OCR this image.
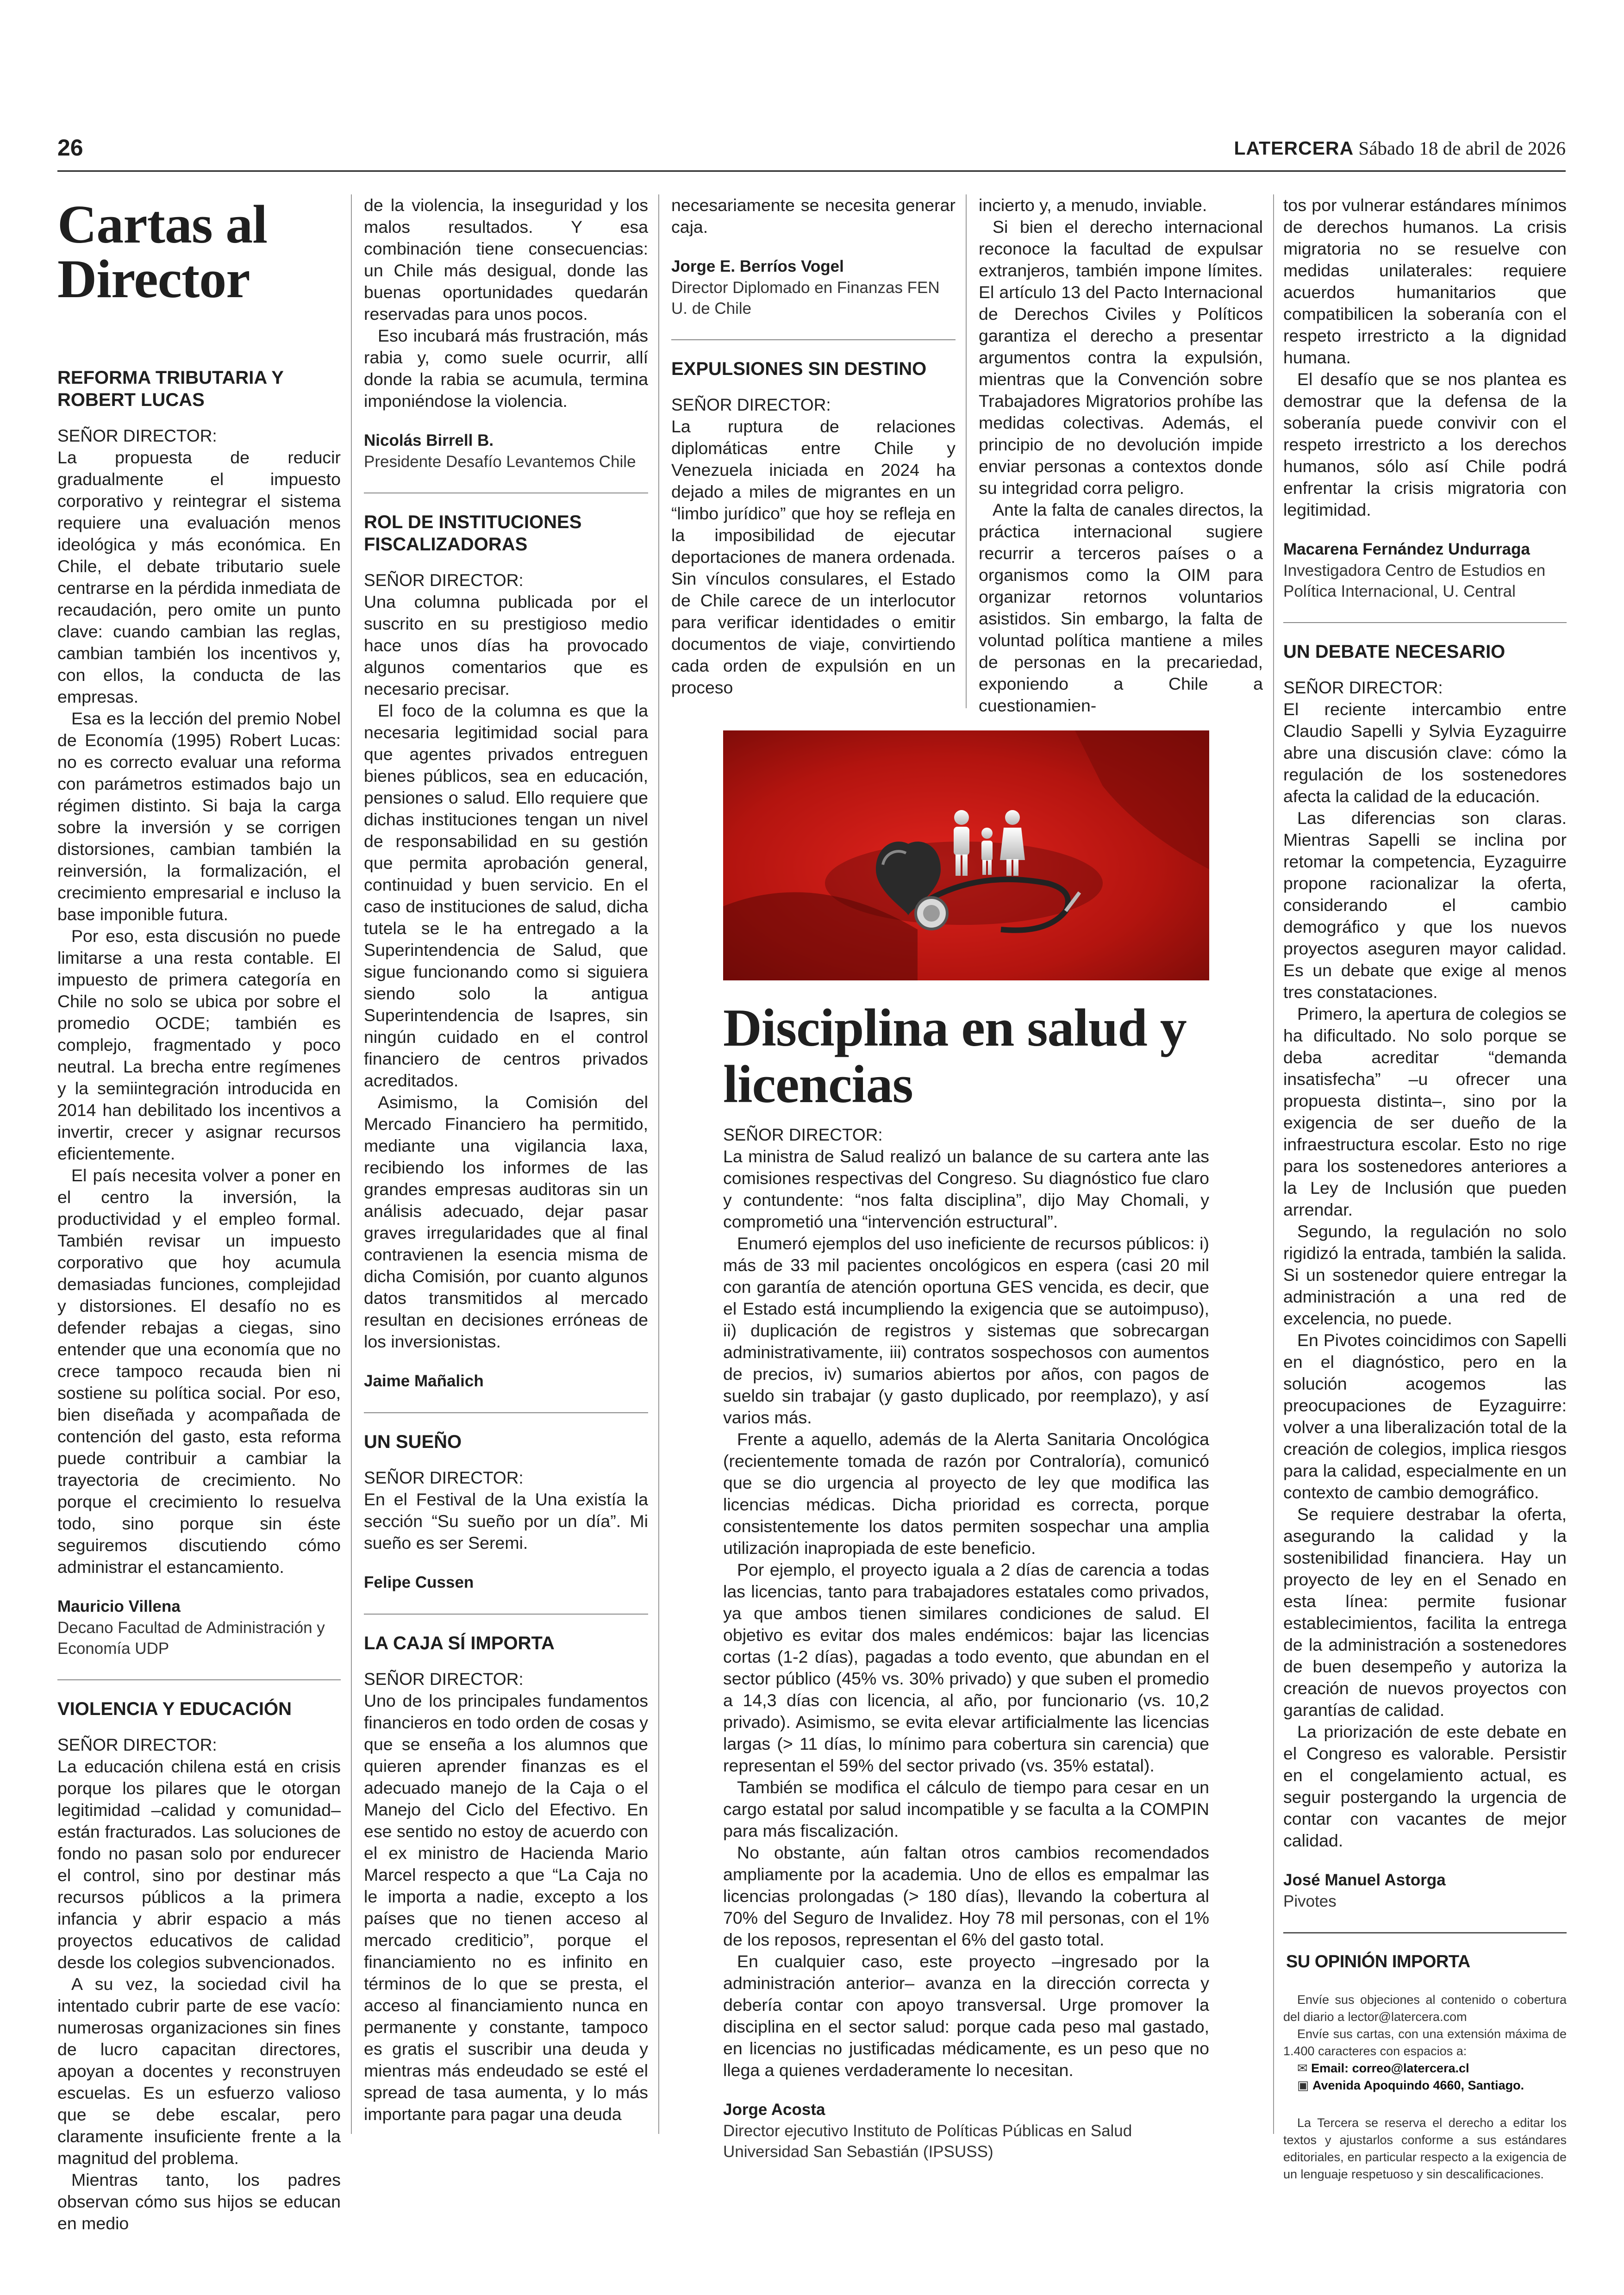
26	LATERCERA Sábado 18 de abril de 2026
Cartas al Director
REFORMA TRIBUTARIA Y ROBERT LUCAS
SEÑOR DIRECTOR:

La propuesta de reducir gradualmente el impuesto corporativo y reintegrar el sistema requiere una evaluación menos ideológica y más económica. En Chile, el debate tributario suele centrarse en la pérdida inmediata de recaudación, pero omite un punto clave: cuando cambian las reglas, cambian también los incentivos y, con ellos, la conducta de las empresas.

Esa es la lección del premio Nobel de Economía (1995) Robert Lucas: no es correcto evaluar una reforma con parámetros estimados bajo un régimen distinto. Si baja la carga sobre la inversión y se corrigen distorsiones, cambian también la reinversión, la formalización, el crecimiento empresarial e incluso la base imponible futura.

Por eso, esta discusión no puede limitarse a una resta contable. El impuesto de primera categoría en Chile no solo se ubica por sobre el promedio OCDE; también es complejo, fragmentado y poco neutral. La brecha entre regímenes y la semiintegración introducida en 2014 han debilitado los incentivos a invertir, crecer y asignar recursos eficientemente.

El país necesita volver a poner en el centro la inversión, la productividad y el empleo formal. También revisar un impuesto corporativo que hoy acumula demasiadas funciones, complejidad y distorsiones. El desafío no es defender rebajas a ciegas, sino entender que una economía que no crece tampoco recauda bien ni sostiene su política social. Por eso, bien diseñada y acompañada de contención del gasto, esta reforma puede contribuir a cambiar la trayectoria de crecimiento. No porque el crecimiento lo resuelva todo, sino porque sin éste seguiremos discutiendo cómo administrar el estancamiento.

Mauricio Villena
Decano Facultad de Administración y Economía UDP
VIOLENCIA Y EDUCACIÓN
SEÑOR DIRECTOR:

La educación chilena está en crisis porque los pilares que le otorgan legitimidad –calidad y comunidad– están fracturados. Las soluciones de fondo no pasan solo por endurecer el control, sino por destinar más recursos públicos a la primera infancia y abrir espacio a más proyectos educativos de calidad desde los colegios subvencionados.

A su vez, la sociedad civil ha intentado cubrir parte de ese vacío: numerosas organizaciones sin fines de lucro capacitan directores, apoyan a docentes y reconstruyen escuelas. Es un esfuerzo valioso que se debe escalar, pero claramente insuficiente frente a la magnitud del problema.

Mientras tanto, los padres observan cómo sus hijos se educan en medio

de la violencia, la inseguridad y los malos resultados. Y esa combinación tiene consecuencias: un Chile más desigual, donde las buenas oportunidades quedarán reservadas para unos pocos.

Eso incubará más frustración, más rabia y, como suele ocurrir, allí donde la rabia se acumula, termina imponiéndose la violencia.

Nicolás Birrell B.
Presidente Desafío Levantemos Chile
ROL DE INSTITUCIONES FISCALIZADORAS
SEÑOR DIRECTOR:

Una columna publicada por el suscrito en su prestigioso medio hace unos días ha provocado algunos comentarios que es necesario precisar.

El foco de la columna es que la necesaria legitimidad social para que agentes privados entreguen bienes públicos, sea en educación, pensiones o salud. Ello requiere que dichas instituciones tengan un nivel de responsabilidad en su gestión que permita aprobación general, continuidad y buen servicio. En el caso de instituciones de salud, dicha tutela se le ha entregado a la Superintendencia de Salud, que sigue funcionando como si siguiera siendo solo la antigua Superintendencia de Isapres, sin ningún cuidado en el control financiero de centros privados acreditados.

Asimismo, la Comisión del Mercado Financiero ha permitido, mediante una vigilancia laxa, recibiendo los informes de las grandes empresas auditoras sin un análisis adecuado, dejar pasar graves irregularidades que al final contravienen la esencia misma de dicha Comisión, por cuanto algunos datos transmitidos al mercado resultan en decisiones erróneas de los inversionistas.

Jaime Mañalich
UN SUEÑO
SEÑOR DIRECTOR:

En el Festival de la Una existía la sección “Su sueño por un día”. Mi sueño es ser Seremi.

Felipe Cussen
LA CAJA SÍ IMPORTA
SEÑOR DIRECTOR:

Uno de los principales fundamentos financieros en todo orden de cosas y que se enseña a los alumnos que quieren aprender finanzas es el adecuado manejo de la Caja o el Manejo del Ciclo del Efectivo. En ese sentido no estoy de acuerdo con el ex ministro de Hacienda Mario Marcel respecto a que “La Caja no le importa a nadie, excepto a los países que no tienen acceso al mercado crediticio”, porque el financiamiento no es infinito en términos de lo que se presta, el acceso al financiamiento nunca en permanente y constante, tampoco es gratis el suscribir una deuda y mientras más endeudado se esté el spread de tasa aumenta, y lo más importante para pagar una deuda

necesariamente se necesita generar caja.

Jorge E. Berríos Vogel
Director Diplomado en Finanzas FEN U. de Chile
EXPULSIONES SIN DESTINO
SEÑOR DIRECTOR:

La ruptura de relaciones diplomáticas entre Chile y Venezuela iniciada en 2024 ha dejado a miles de migrantes en un “limbo jurídico” que hoy se refleja en la imposibilidad de ejecutar deportaciones de manera ordenada. Sin vínculos consulares, el Estado de Chile carece de un interlocutor para verificar identidades o emitir documentos de viaje, convirtiendo cada orden de expulsión en un proceso

incierto y, a menudo, inviable.

Si bien el derecho internacional reconoce la facultad de expulsar extranjeros, también impone límites. El artículo 13 del Pacto Internacional de Derechos Civiles y Políticos garantiza el derecho a presentar argumentos contra la expulsión, mientras que la Convención sobre Trabajadores Migratorios prohíbe las medidas colectivas. Además, el principio de no devolución impide enviar personas a contextos donde su integridad corra peligro.

Ante la falta de canales directos, la práctica internacional sugiere recurrir a terceros países o a organismos como la OIM para organizar retornos voluntarios asistidos. Sin embargo, la falta de voluntad política mantiene a miles de personas en la precariedad, exponiendo a Chile a cuestionamien-

tos por vulnerar estándares mínimos de derechos humanos. La crisis migratoria no se resuelve con medidas unilaterales: requiere acuerdos humanitarios que compatibilicen la soberanía con el respeto irrestricto a la dignidad humana.

El desafío que se nos plantea es demostrar que la defensa de la soberanía puede convivir con el respeto irrestricto a los derechos humanos, sólo así Chile podrá enfrentar la crisis migratoria con legitimidad.

Macarena Fernández Undurraga
Investigadora Centro de Estudios en Política Internacional, U. Central
UN DEBATE NECESARIO
SEÑOR DIRECTOR:

El reciente intercambio entre Claudio Sapelli y Sylvia Eyzaguirre abre una discusión clave: cómo la regulación de los sostenedores afecta la calidad de la educación.

Las diferencias son claras. Mientras Sapelli se inclina por retomar la competencia, Eyzaguirre propone racionalizar la oferta, considerando el cambio demográfico y que los nuevos proyectos aseguren mayor calidad. Es un debate que exige al menos tres constataciones.

Primero, la apertura de colegios se ha dificultado. No solo porque se deba acreditar “demanda insatisfecha” –u ofrecer una propuesta distinta–, sino por la exigencia de ser dueño de la infraestructura escolar. Esto no rige para los sostenedores anteriores a la Ley de Inclusión que pueden arrendar.

Segundo, la regulación no solo rigidizó la entrada, también la salida. Si un sostenedor quiere entregar la administración a una red de excelencia, no puede.

En Pivotes coincidimos con Sapelli en el diagnóstico, pero en la solución acogemos las preocupaciones de Eyzaguirre: volver a una liberalización total de la creación de colegios, implica riesgos para la calidad, especialmente en un contexto de cambio demográfico.

Se requiere destrabar la oferta, asegurando la calidad y la sostenibilidad financiera. Hay un proyecto de ley en el Senado en esta línea: permite fusionar establecimientos, facilita la entrega de la administración a sostenedores de buen desempeño y autoriza la creación de nuevos proyectos con garantías de calidad.

La priorización de este debate en el Congreso es valorable. Persistir en el congelamiento actual, es seguir postergando la urgencia de contar con vacantes de mejor calidad.

José Manuel Astorga
Pivotes
SU OPINIÓN IMPORTA

Envíe sus objeciones al contenido o cobertura del diario a lector@latercera.com

Envíe sus cartas, con una extensión máxima de 1.400 caracteres con espacios a:

✉ Email: correo@latercera.cl

▣ Avenida Apoquindo 4660, Santiago.

La Tercera se reserva el derecho a editar los textos y ajustarlos conforme a sus estándares editoriales, en particular respecto a la exigencia de un lenguaje respetuoso y sin descalificaciones.

Disciplina en salud y licencias
SEÑOR DIRECTOR:

La ministra de Salud realizó un balance de su cartera ante las comisiones respectivas del Congreso. Su diagnóstico fue claro y contundente: “nos falta disciplina”, dijo May Chomali, y comprometió una “intervención estructural”.

Enumeró ejemplos del uso ineficiente de recursos públicos: i) más de 33 mil pacientes oncológicos en espera (casi 20 mil con garantía de atención oportuna GES vencida, es decir, que el Estado está incumpliendo la exigencia que se autoimpuso), ii) duplicación de registros y sistemas que sobrecargan administrativamente, iii) contratos sospechosos con aumentos de precios, iv) sumarios abiertos por años, con pagos de sueldo sin trabajar (y gasto duplicado, por reemplazo), y así varios más.

Frente a aquello, además de la Alerta Sanitaria Oncológica (recientemente tomada de razón por Contraloría), comunicó que se dio urgencia al proyecto de ley que modifica las licencias médicas. Dicha prioridad es correcta, porque consistentemente los datos permiten sospechar una amplia utilización inapropiada de este beneficio.

Por ejemplo, el proyecto iguala a 2 días de carencia a todas las licencias, tanto para trabajadores estatales como privados, ya que ambos tienen similares condiciones de salud. El objetivo es evitar dos males endémicos: bajar las licencias cortas (1-2 días), pagadas a todo evento, que abundan en el sector público (45% vs. 30% privado) y que suben el promedio a 14,3 días con licencia, al año, por funcionario (vs. 10,2 privado). Asimismo, se evita elevar artificialmente las licencias largas (> 11 días, lo mínimo para cobertura sin carencia) que representan el 59% del sector privado (vs. 35% estatal).

También se modifica el cálculo de tiempo para cesar en un cargo estatal por salud incompatible y se faculta a la COMPIN para más fiscalización.

No obstante, aún faltan otros cambios recomendados ampliamente por la academia. Uno de ellos es empalmar las licencias prolongadas (> 180 días), llevando la cobertura al 70% del Seguro de Invalidez. Hoy 78 mil personas, con el 1% de los reposos, representan el 6% del gasto total.

En cualquier caso, este proyecto –ingresado por la administración anterior– avanza en la dirección correcta y debería contar con apoyo transversal. Urge promover la disciplina en el sector salud: porque cada peso mal gastado, en licencias no justificadas médicamente, es un peso que no llega a quienes verdaderamente lo necesitan.

Jorge Acosta
Director ejecutivo Instituto de Políticas Públicas en Salud
Universidad San Sebastián (IPSUSS)
